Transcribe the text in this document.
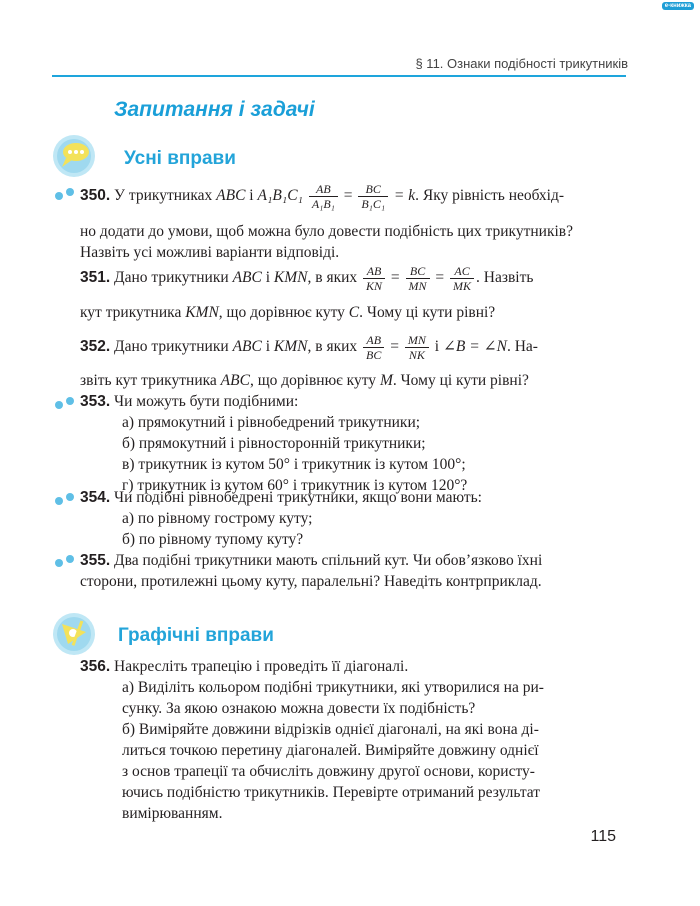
e-книжка
§ 11. Ознаки подібності трикутників
Запитання і задачі
Усні вправи
350. У трикутниках ABC і $A_1B_1C_1 \frac{AB}{\text{A₁B₁}} = \frac{BC}{\text{B₁C₁}} = k$. Яку рівність необхід-
но додати до умови, щоб можна було довести подібність цих трикутників?
Назвіть усі можливі варіанти відповіді.
351. Дано трикутники ABC і KMN, в яких $\frac{AB}{KN} = \frac{BC}{MN} = \frac{AC}{MK}$ . Назвіть
кут трикутника KMN, що дорівнює куту C. Чому ці кути рівні?
352. Дано трикутники ABC і KMN, в яких $\frac{AB}{BC} = \frac{MN}{NK}$ і ∠B = ∠N. На-
звіть кут трикутника ABC, що дорівнює куту M. Чому ці кути рівні?
353. Чи можуть бути подібними:
а) прямокутний і рівнобедрений трикутники;
б) прямокутний і рівносторонній трикутники;
в) трикутник із кутом 50° і трикутник із кутом 100°;
г) трикутник із кутом 60° і трикутник із кутом 120°?
354. Чи подібні рівнобедрені трикутники, якщо вони мають:
а) по рівному гострому куту;
б) по рівному тупому куту?
355. Два подібні трикутники мають спільний кут. Чи обов’язково їхні
сторони, протилежні цьому куту, паралельні? Наведіть контрприклад.
Графічні вправи
356. Накресліть трапецію і проведіть її діагоналі.
а) Виділіть кольором подібні трикутники, які утворилися на ри-
сунку. За якою ознакою можна довести їх подібність?
б) Виміряйте довжини відрізків однієї діагоналі, на які вона ді-
литься точкою перетину діагоналей. Виміряйте довжину однієї
з основ трапеції та обчисліть довжину другої основи, користу-
ючись подібністю трикутників. Перевірте отриманий результат
вимірюванням.
115
